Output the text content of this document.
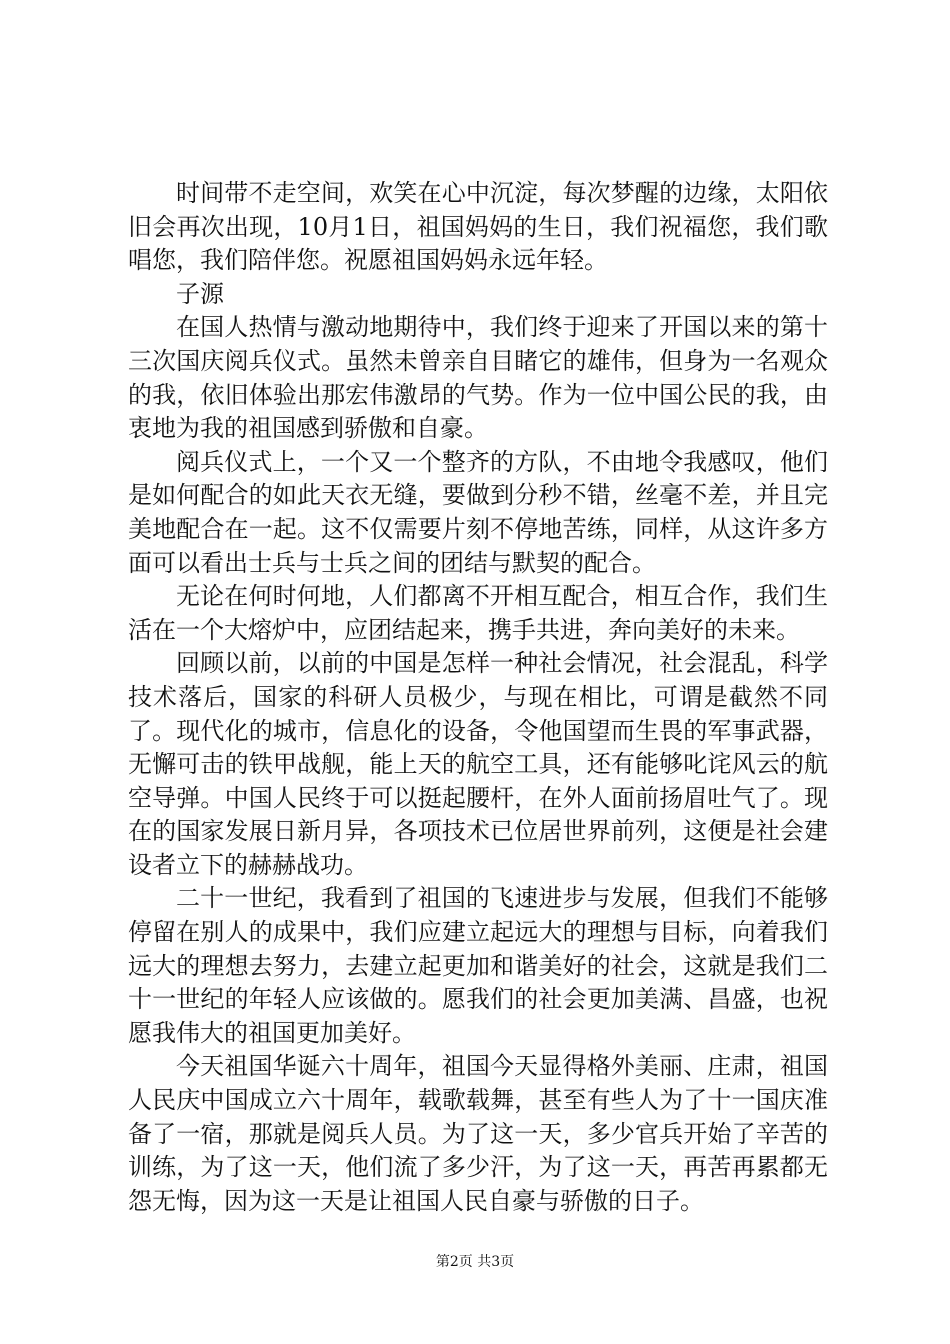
时间带不走空间，欢笑在心中沉淀，每次梦醒的边缘，太阳依旧会再次出现，10月1日，祖国妈妈的生日，我们祝福您，我们歌唱您，我们陪伴您。祝愿祖国妈妈永远年轻。

子源

在国人热情与激动地期待中，我们终于迎来了开国以来的第十三次国庆阅兵仪式。虽然未曾亲自目睹它的雄伟，但身为一名观众的我，依旧体验出那宏伟激昂的气势。作为一位中国公民的我，由衷地为我的祖国感到骄傲和自豪。

阅兵仪式上，一个又一个整齐的方队，不由地令我感叹，他们是如何配合的如此天衣无缝，要做到分秒不错，丝毫不差，并且完美地配合在一起。这不仅需要片刻不停地苦练，同样，从这许多方面可以看出士兵与士兵之间的团结与默契的配合。

无论在何时何地，人们都离不开相互配合，相互合作，我们生活在一个大熔炉中，应团结起来，携手共进，奔向美好的未来。

回顾以前，以前的中国是怎样一种社会情况，社会混乱，科学技术落后，国家的科研人员极少，与现在相比，可谓是截然不同了。现代化的城市，信息化的设备，令他国望而生畏的军事武器，无懈可击的铁甲战舰，能上天的航空工具，还有能够叱诧风云的航空导弹。中国人民终于可以挺起腰杆，在外人面前扬眉吐气了。现在的国家发展日新月异，各项技术已位居世界前列，这便是社会建设者立下的赫赫战功。

二十一世纪，我看到了祖国的飞速进步与发展，但我们不能够停留在别人的成果中，我们应建立起远大的理想与目标，向着我们远大的理想去努力，去建立起更加和谐美好的社会，这就是我们二十一世纪的年轻人应该做的。愿我们的社会更加美满、昌盛，也祝愿我伟大的祖国更加美好。

今天祖国华诞六十周年，祖国今天显得格外美丽、庄肃，祖国人民庆中国成立六十周年，载歌载舞，甚至有些人为了十一国庆准备了一宿，那就是阅兵人员。为了这一天，多少官兵开始了辛苦的训练，为了这一天，他们流了多少汗，为了这一天，再苦再累都无怨无悔，因为这一天是让祖国人民自豪与骄傲的日子。

第2页 共3页
